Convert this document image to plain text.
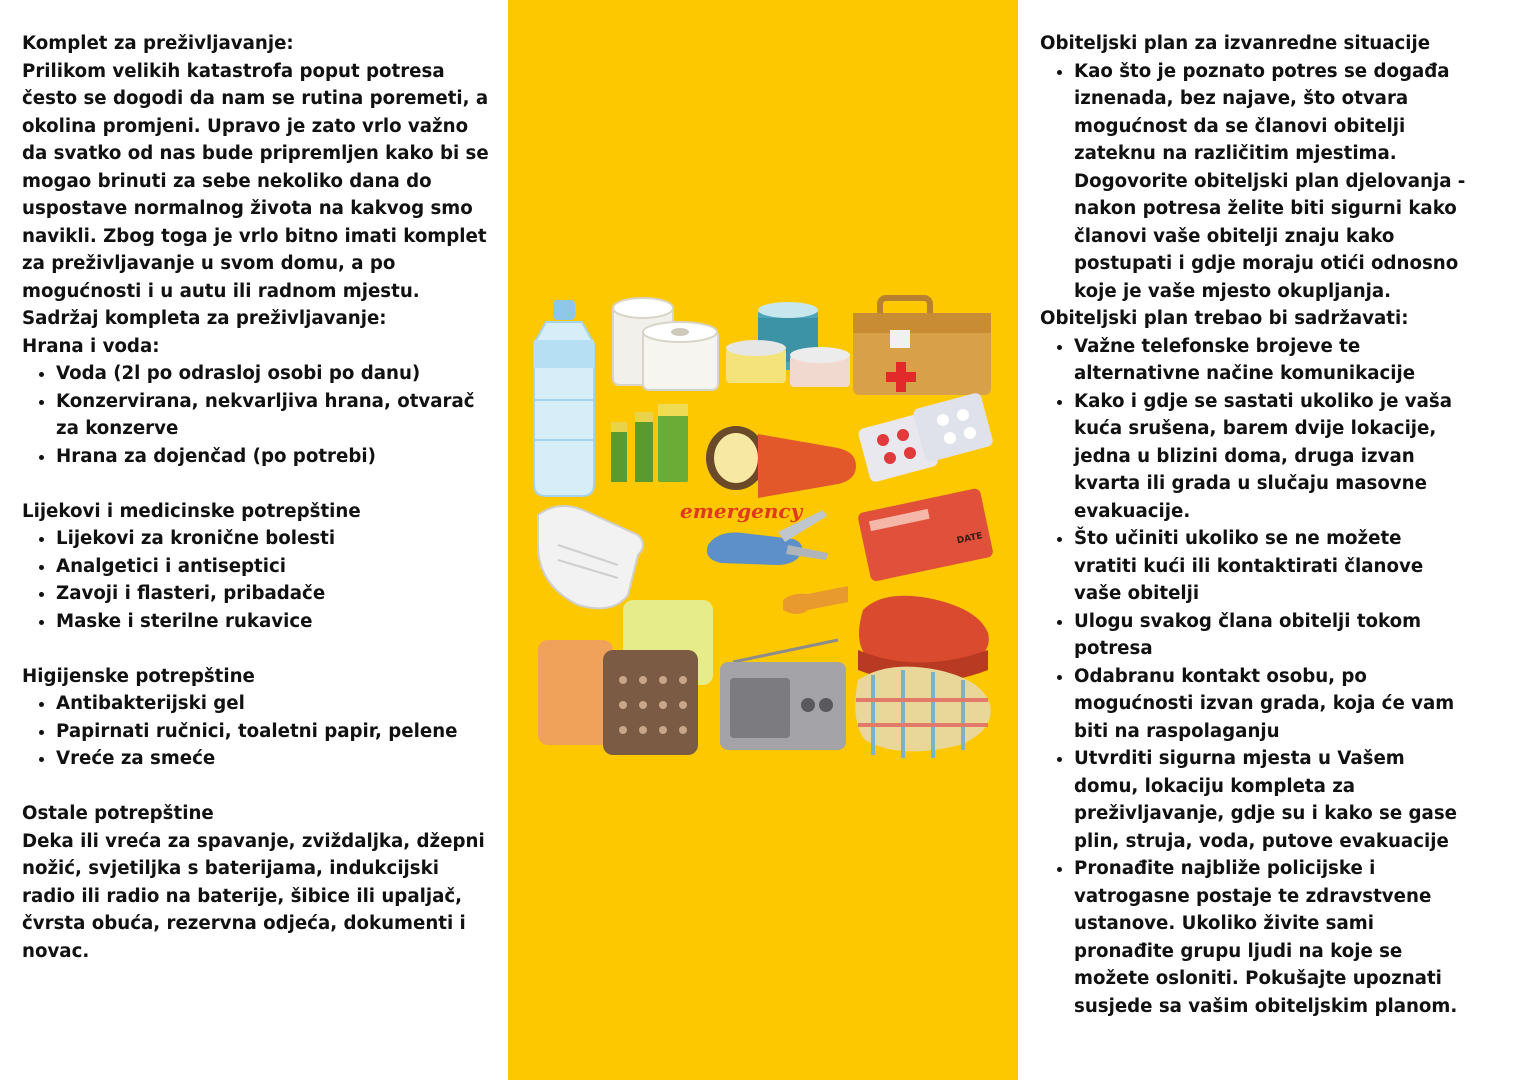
Komplet za preživljavanje:

Prilikom velikih katastrofa poput potresa često se dogodi da nam se rutina poremeti, a okolina promjeni. Upravo je zato vrlo važno da svatko od nas bude pripremljen kako bi se mogao brinuti za sebe nekoliko dana do uspostave normalnog života na kakvog smo navikli. Zbog toga je vrlo bitno imati komplet za preživljavanje u svom domu, a po mogućnosti i u autu ili radnom mjestu.

Sadržaj kompleta za preživljavanje:

Hrana i voda:

• Voda (2l po odrasloj osobi po danu)
• Konzervirana, nekvarljiva hrana, otvarač za konzerve
• Hrana za dojenčad (po potrebi)

Lijekovi i medicinske potrepštine

• Lijekovi za kronične bolesti
• Analgetici i antiseptici
• Zavoji i flasteri, pribadače
• Maske i sterilne rukavice

Higijenske potrepštine

• Antibakterijski gel
• Papirnati ručnici, toaletni papir, pelene
• Vreće za smeće

Ostale potrepštine

Deka ili vreća za spavanje, zviždaljka, džepni nožić, svjetiljka s baterijama, indukcijski radio ili radio na baterije, šibice ili upaljač, čvrsta obuća, rezervna odjeća, dokumenti i novac.

emergency
DATE

Obiteljski plan za izvanredne situacije

• Kao što je poznato potres se događa iznenada, bez najave, što otvara mogućnost da se članovi obitelji zateknu na različitim mjestima. Dogovorite obiteljski plan djelovanja - nakon potresa želite biti sigurni kako članovi vaše obitelji znaju kako postupati i gdje moraju otići odnosno koje je vaše mjesto okupljanja.

Obiteljski plan trebao bi sadržavati:

• Važne telefonske brojeve te alternativne načine komunikacije
• Kako i gdje se sastati ukoliko je vaša kuća srušena, barem dvije lokacije, jedna u blizini doma, druga izvan kvarta ili grada u slučaju masovne evakuacije.
• Što učiniti ukoliko se ne možete vratiti kući ili kontaktirati članove vaše obitelji
• Ulogu svakog člana obitelji tokom potresa
• Odabranu kontakt osobu, po mogućnosti izvan grada, koja će vam biti na raspolaganju
• Utvrditi sigurna mjesta u Vašem domu, lokaciju kompleta za preživljavanje, gdje su i kako se gase plin, struja, voda, putove evakuacije
• Pronađite najbliže policijske i vatrogasne postaje te zdravstvene ustanove. Ukoliko živite sami pronađite grupu ljudi na koje se možete osloniti. Pokušajte upoznati susjede sa vašim obiteljskim planom.
